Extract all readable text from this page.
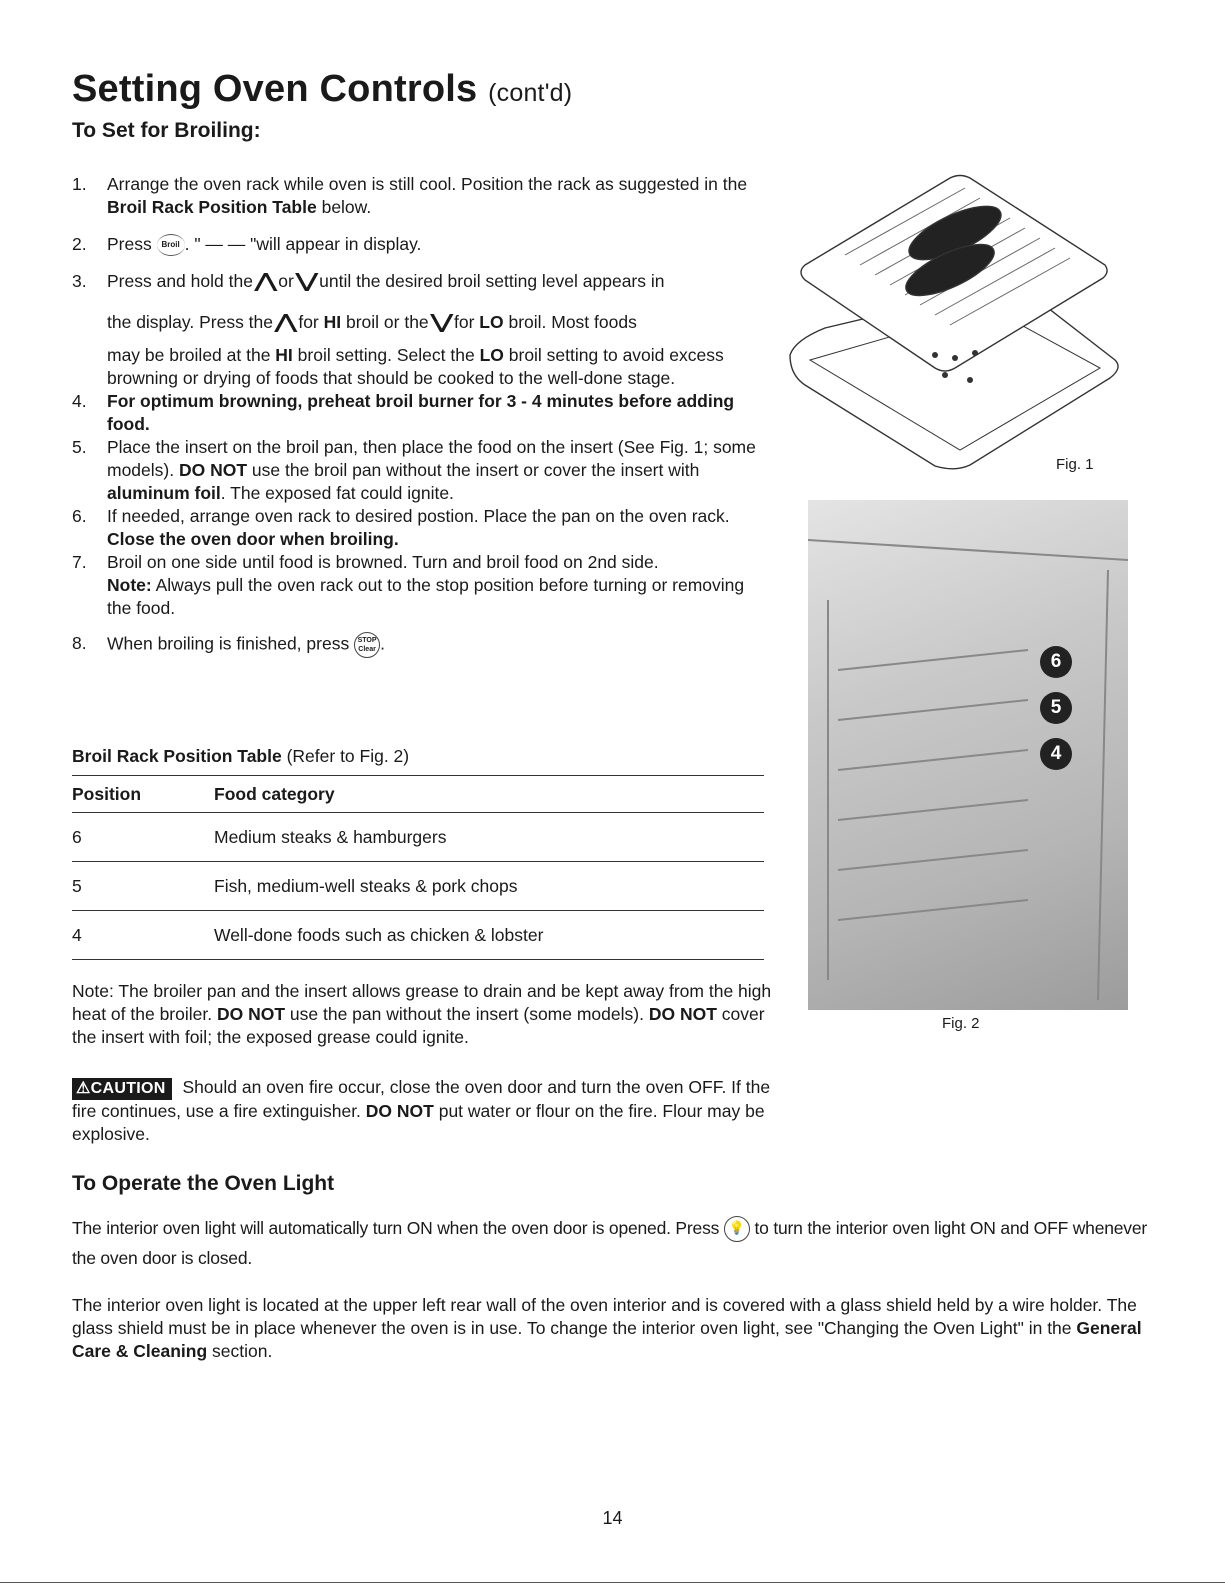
Setting Oven Controls (cont'd)
To Set for Broiling:
1. Arrange the oven rack while oven is still cool. Position the rack as suggested in the Broil Rack Position Table below.

2. Press Broil . " — — "will appear in display.

3. Press and hold the ⋀ or ⋁ until the desired broil setting level appears in

the display. Press the ⋀ for HI broil or the ⋁ for LO broil. Most foods

may be broiled at the HI broil setting. Select the LO broil setting to avoid excess browning or drying of foods that should be cooked to the well-done stage.

4. For optimum browning, preheat broil burner for 3 - 4 minutes before adding food.

5. Place the insert on the broil pan, then place the food on the insert (See Fig. 1; some models). DO NOT use the broil pan without the insert or cover the insert with aluminum foil. The exposed fat could ignite.

6. If needed, arrange oven rack to desired postion. Place the pan on the oven rack. Close the oven door when broiling.

7. Broil on one side until food is browned. Turn and broil food on 2nd side.
Note: Always pull the oven rack out to the stop position before turning or removing the food.

8. When broiling is finished, press STOP
Clear .

Broil Rack Position Table (Refer to Fig. 2)
Position	Food category
6	Medium steaks & hamburgers
5	Fish, medium-well steaks & pork chops
4	Well-done foods such as chicken & lobster
Note: The broiler pan and the insert allows grease to drain and be kept away from the high heat of the broiler. DO NOT use the pan without the insert (some models). DO NOT cover the insert with foil; the exposed grease could ignite.
⚠CAUTION Should an oven fire occur, close the oven door and turn the oven OFF. If the fire continues, use a fire extinguisher. DO NOT put water or flour on the fire. Flour may be explosive.
To Operate the Oven Light
The interior oven light will automatically turn ON when the oven door is opened. Press 💡 to turn the interior oven light ON and OFF whenever the oven door is closed.
The interior oven light is located at the upper left rear wall of the oven interior and is covered with a glass shield held by a wire holder. The glass shield must be in place whenever the oven is in use. To change the interior oven light, see "Changing the Oven Light" in the General Care & Cleaning section.
Fig. 1
6
5
4
Fig. 2
14
